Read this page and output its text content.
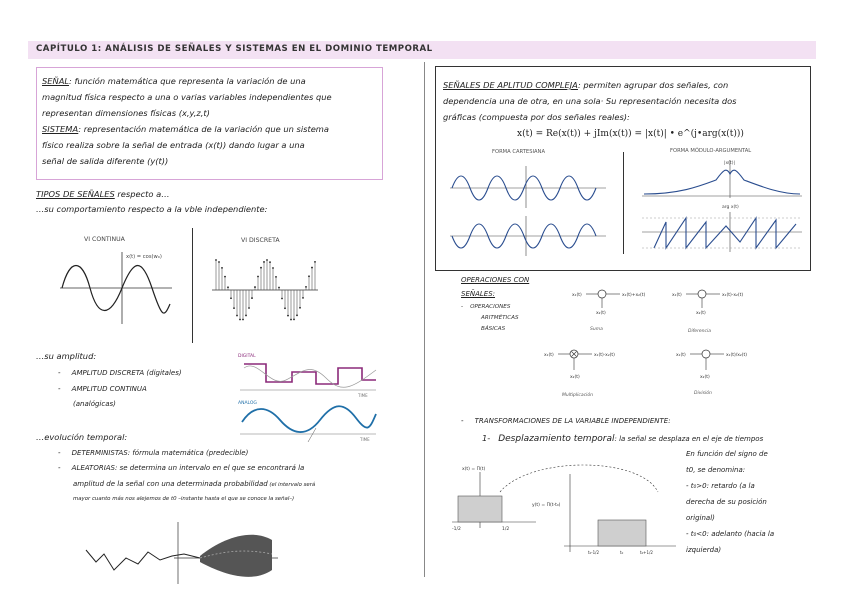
CAPÍTULO 1: ANÁLISIS DE SEÑALES Y SISTEMAS EN EL DOMINIO TEMPORAL
SEÑAL: función matemática que representa la variación de una
magnitud física respecto a una o varias variables independientes que
representan dimensiones físicas (x,y,z,t)
SISTEMA: representación matemática de la variación que un sistema
físico realiza sobre la señal de entrada (x(t)) dando lugar a una
señal de salida diferente (y(t))
TIPOS DE SEÑALES respecto a…
…su comportamiento respecto a la vble independiente:
VI CONTINUA	VI DISCRETA
x(t) = cos(w₀)
…su amplitud:
-     AMPLITUD DISCRETA (digitales)
-     AMPLITUD CONTINUA
(analógicas)
DIGITAL
TIME
ANALOG
TIME
…evolución temporal:
-     DETERMINISTAS: fórmula matemática (predecible)
-     ALEATORIAS: se determina un intervalo en el que se encontrará la
amplitud de la señal con una determinada probabilidad (el intervalo será
mayor cuanto más nos alejemos de t0 –instante hasta el que se conoce la señal–)
SEÑALES DE APLITUD COMPLEJA: permiten agrupar dos señales, con
dependencia una de otra, en una sola· Su representación necesita dos
gráficas (compuesta por dos señales reales):
x(t) = Re(x(t)) + jIm(x(t)) = |x(t)| • e^(j•arg(x(t)))
FORMA CARTESIANA	FORMA MÓDULO-ARGUMENTAL
|x(t)|
arg x(t)
OPERACIONES CON
SEÑALES:
-    OPERACIONES
ARITMÉTICAS
BÁSICAS
x₁(t)	x₁(t)+x₂(t)
x₂(t)
Suma
x₁(t)	x₁(t)-x₂(t)
x₂(t)
Diferencia
x₁(t)	x₁(t)·x₂(t)
x₂(t)
Multiplicación
x₁(t)	x₁(t)/x₂(t)
x₂(t)
División
-     TRANSFORMACIONES DE LA VARIABLE INDEPENDIENTE:
1- Desplazamiento temporal: la señal se desplaza en el eje de tiempos
En función del signo de
t0, se denomina:
- t₀>0: retardo (a la
derecha de su posición
original)
- t₀<0: adelanto (hacia la
izquierda)
x(t) = Π(t)
-1/2	1/2
y(t) = Π(t-t₀)
t₀-1/2	t₀	t₀+1/2
